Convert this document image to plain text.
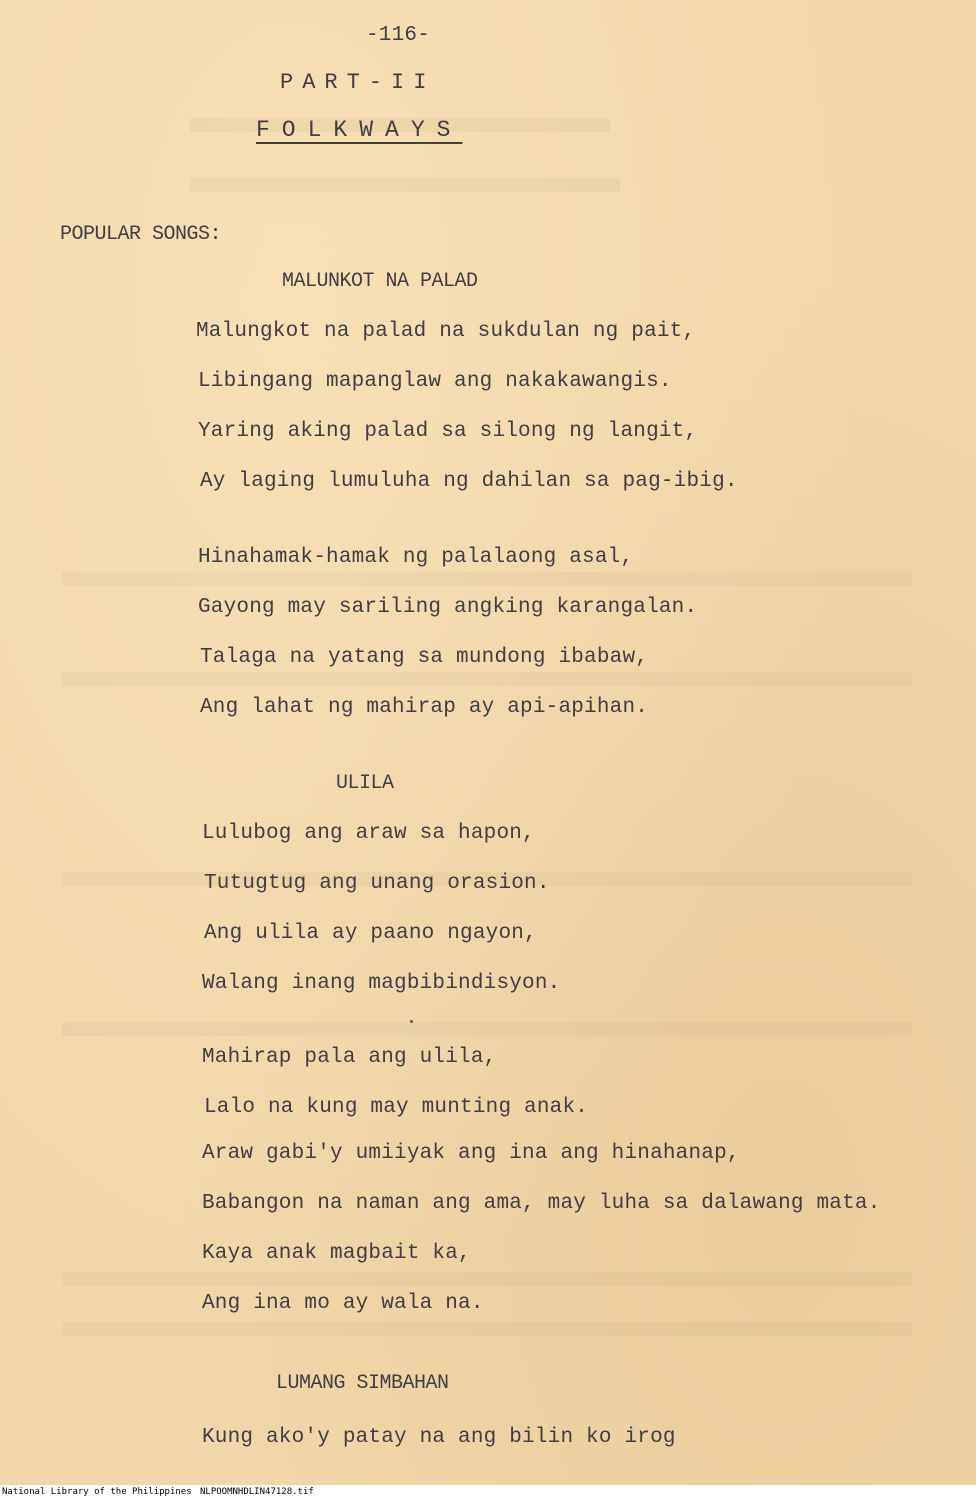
-116-
PART-II
FOLKWAYS
POPULAR SONGS:
MALUNKOT NA PALAD
Malungkot na palad na sukdulan ng pait,
Libingang mapanglaw ang nakakawangis.
Yaring aking palad sa silong ng langit,
Ay laging lumuluha ng dahilan sa pag-ibig.
Hinahamak-hamak ng palalaong asal,
Gayong may sariling angking karangalan.
Talaga na yatang sa mundong ibabaw,
Ang lahat ng mahirap ay api-apihan.
ULILA
Lulubog ang araw sa hapon,
Tutugtug ang unang orasion.
Ang ulila ay paano ngayon,
Walang inang magbibindisyon.
Mahirap pala ang ulila,
Lalo na kung may munting anak.
Araw gabi'y umiiyak ang ina ang hinahanap,
Babangon na naman ang ama, may luha sa dalawang mata.
Kaya anak magbait ka,
Ang ina mo ay wala na.
LUMANG SIMBAHAN
Kung ako'y patay na ang bilin ko irog
National Library of the Philippines NLPOOMNHDLIN47128.tif
